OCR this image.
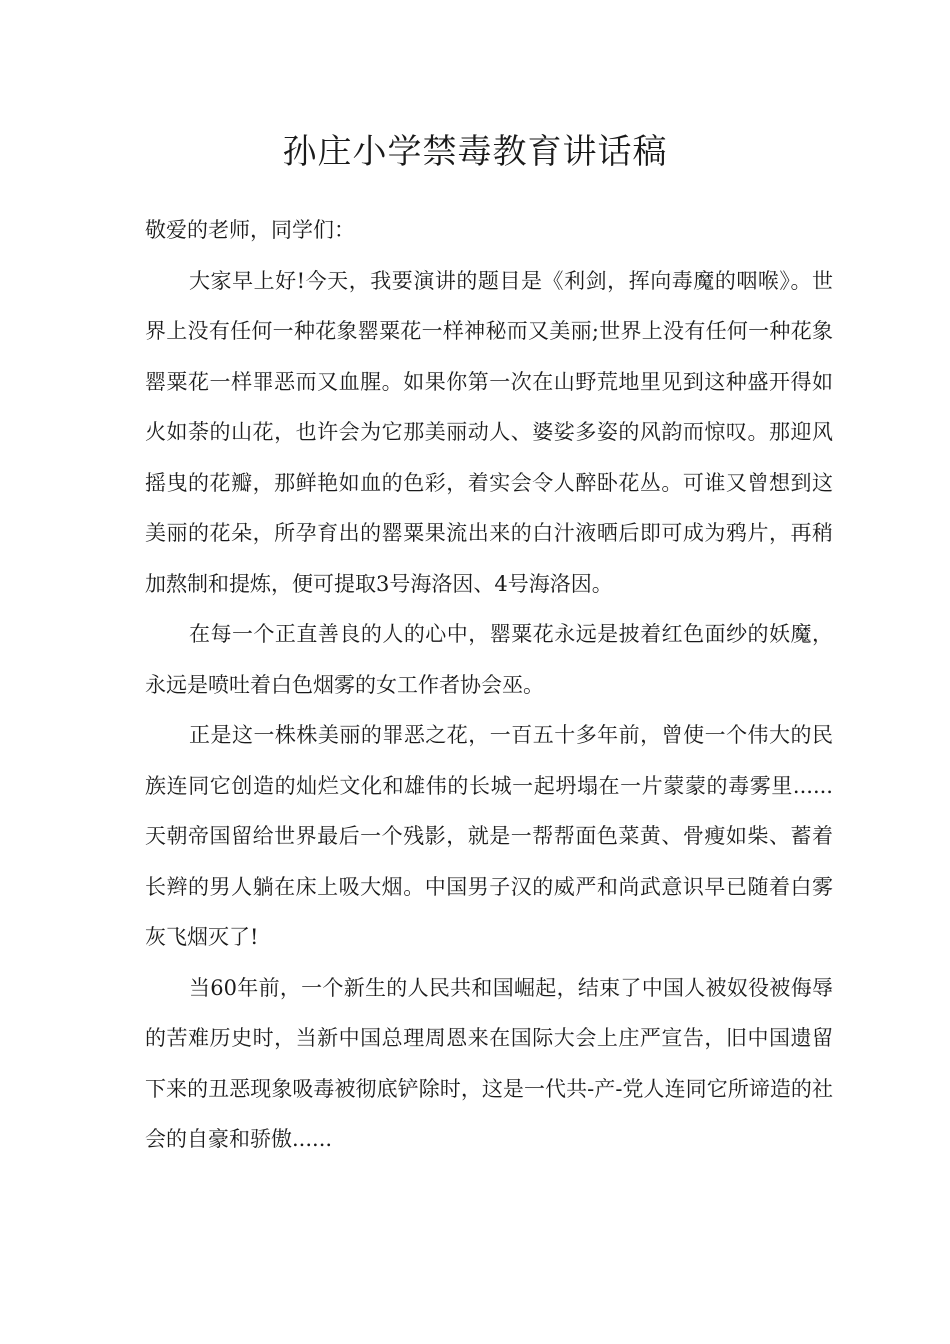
孙庄小学禁毒教育讲话稿

敬爱的老师，同学们：

大家早上好!今天，我要演讲的题目是《利剑，挥向毒魔的咽喉》。世界上没有任何一种花象罂粟花一样神秘而又美丽;世界上没有任何一种花象罂粟花一样罪恶而又血腥。如果你第一次在山野荒地里见到这种盛开得如火如荼的山花，也许会为它那美丽动人、婆娑多姿的风韵而惊叹。那迎风摇曳的花瓣，那鲜艳如血的色彩，着实会令人醉卧花丛。可谁又曾想到这美丽的花朵，所孕育出的罂粟果流出来的白汁液晒后即可成为鸦片，再稍加熬制和提炼，便可提取3号海洛因、4号海洛因。

在每一个正直善良的人的心中，罂粟花永远是披着红色面纱的妖魔，永远是喷吐着白色烟雾的女工作者协会巫。

正是这一株株美丽的罪恶之花，一百五十多年前，曾使一个伟大的民族连同它创造的灿烂文化和雄伟的长城一起坍塌在一片蒙蒙的毒雾里......天朝帝国留给世界最后一个残影，就是一帮帮面色菜黄、骨瘦如柴、蓄着长辫的男人躺在床上吸大烟。中国男子汉的威严和尚武意识早已随着白雾灰飞烟灭了!

当60年前，一个新生的人民共和国崛起，结束了中国人被奴役被侮辱的苦难历史时，当新中国总理周恩来在国际大会上庄严宣告，旧中国遗留下来的丑恶现象吸毒被彻底铲除时，这是一代共-产-党人连同它所谛造的社会的自豪和骄傲......
